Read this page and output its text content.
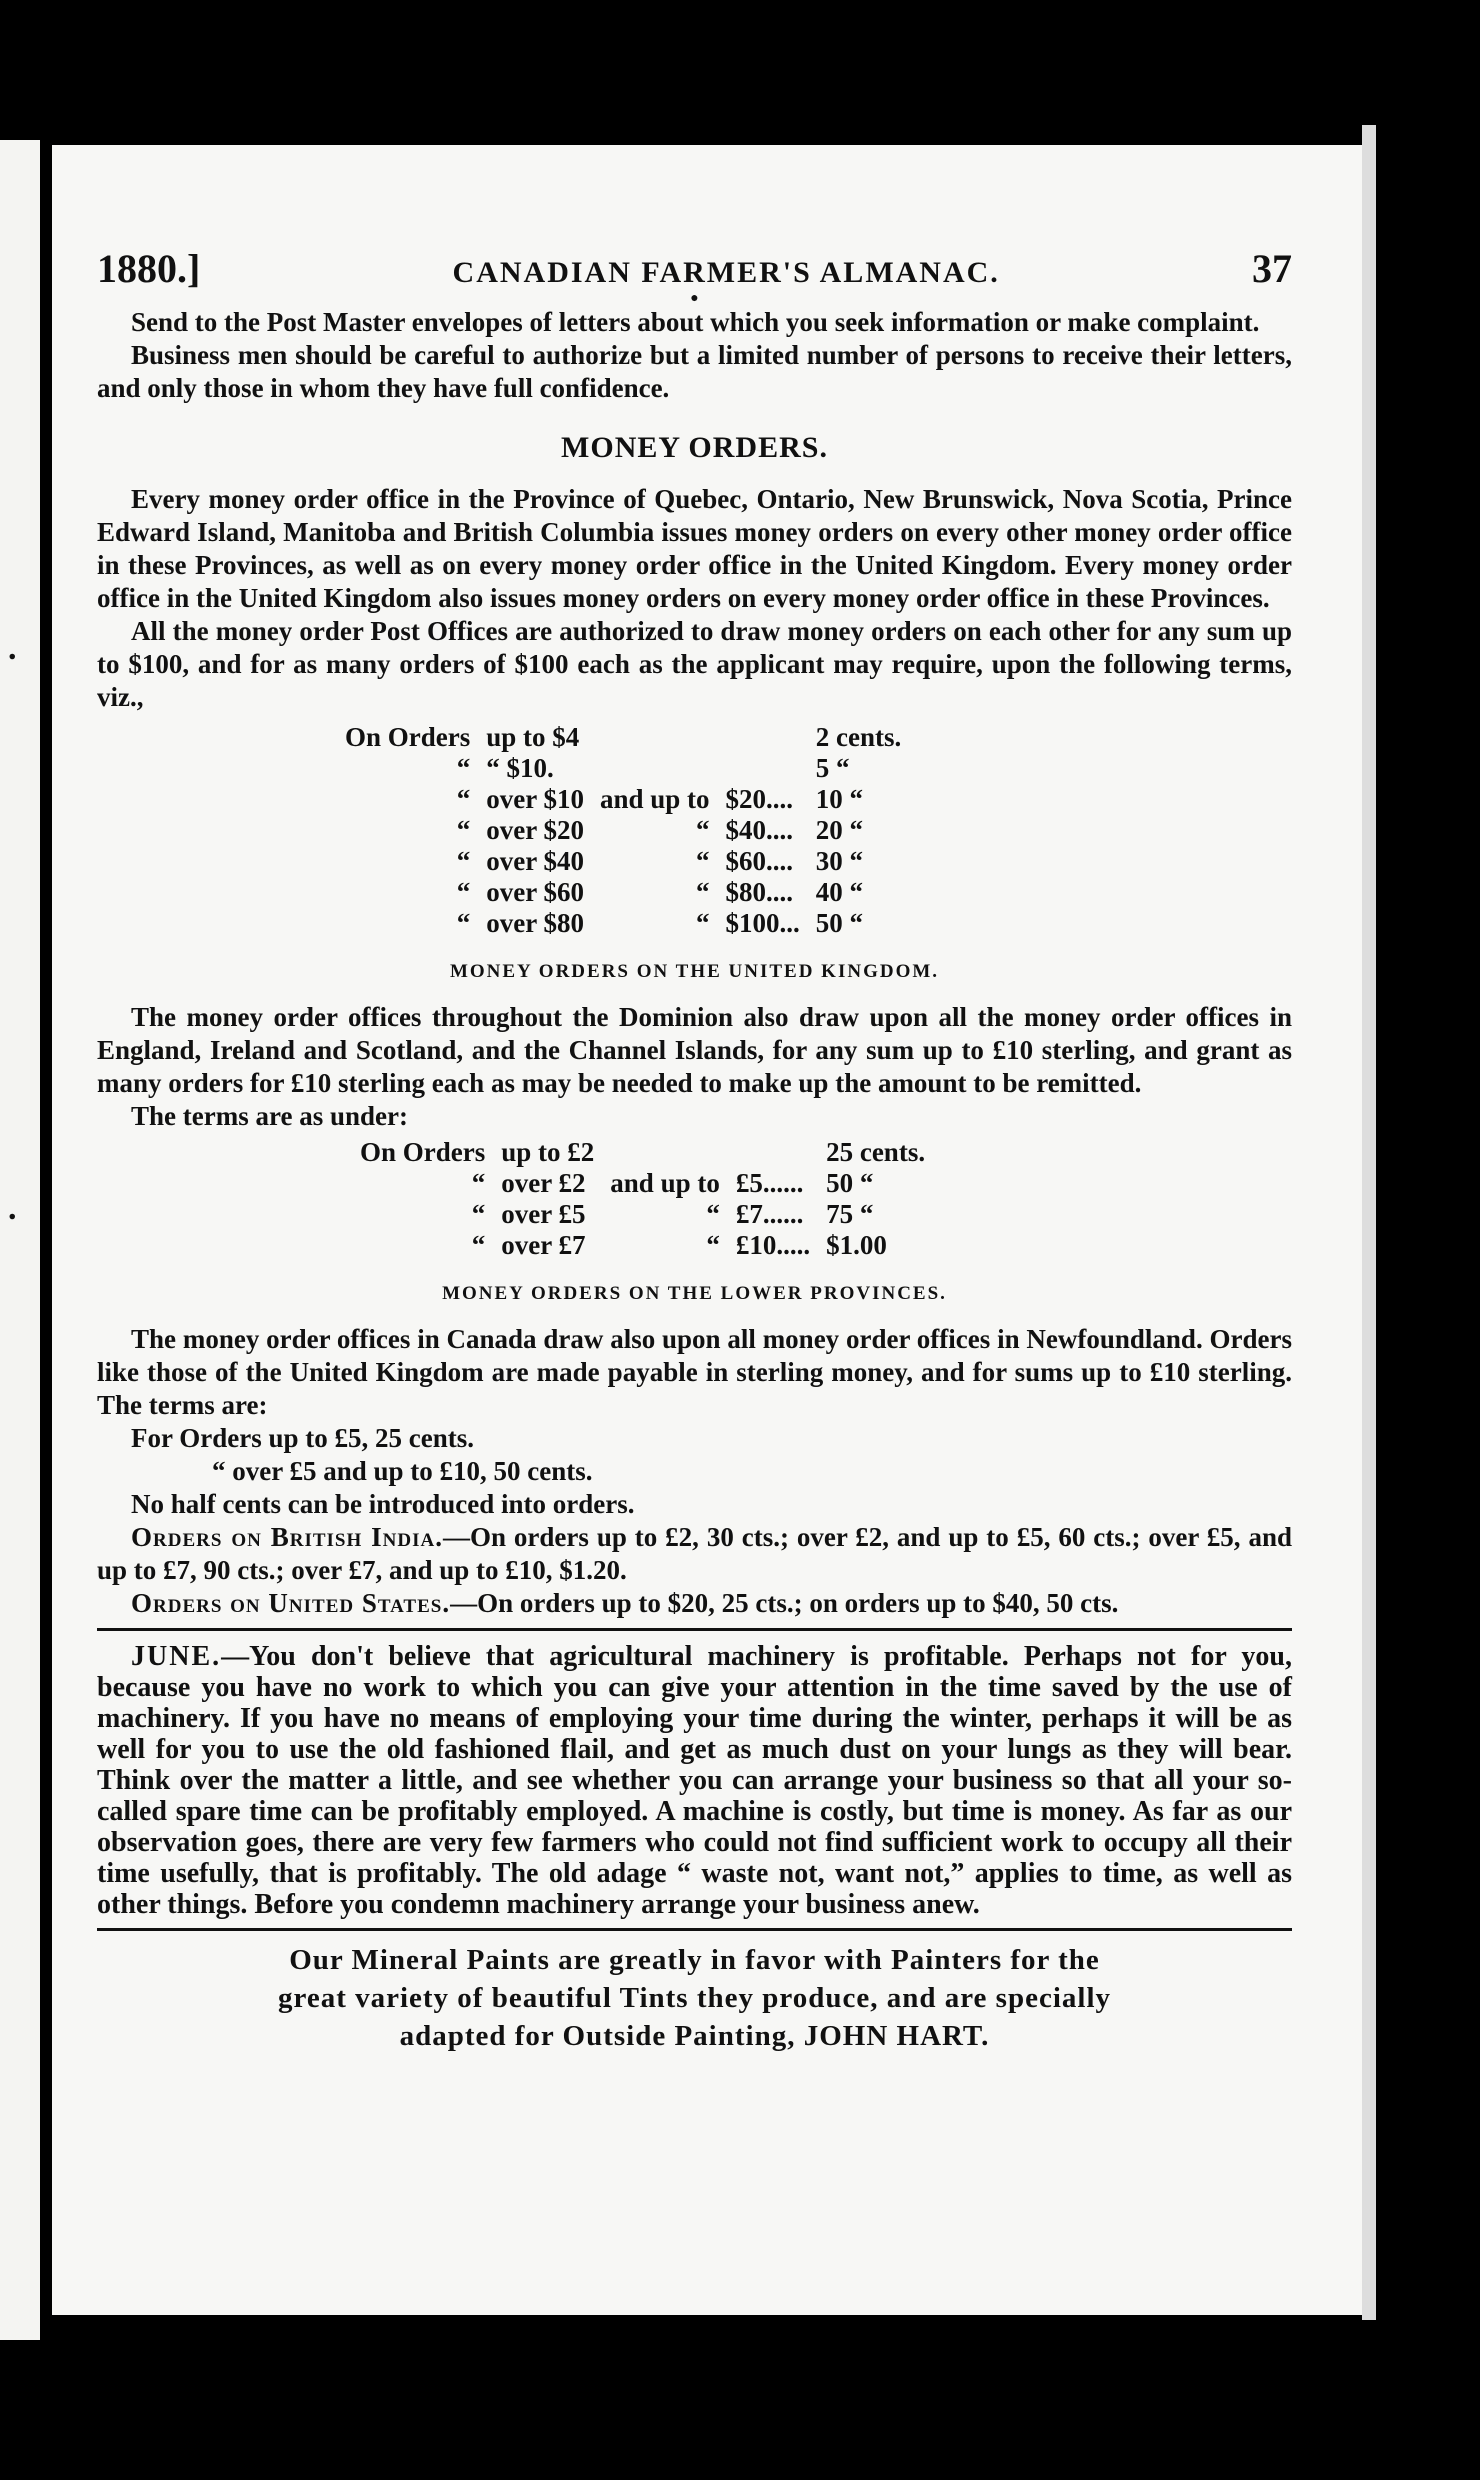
.
.
1880.]	CANADIAN FARMER'S ALMANAC.	37
●

Send to the Post Master envelopes of letters about which you seek information or make complaint.

Business men should be careful to authorize but a limited number of persons to receive their letters, and only those in whom they have full confidence.

MONEY ORDERS.

Every money order office in the Province of Quebec, Ontario, New Brunswick, Nova Scotia, Prince Edward Island, Manitoba and British Columbia issues money orders on every other money order office in these Provinces, as well as on every money order office in the United Kingdom. Every money order office in the United Kingdom also issues money orders on every money order office in these Provinces.

All the money order Post Offices are authorized to draw money orders on each other for any sum up to $100, and for as many orders of $100 each as the applicant may require, upon the following terms, viz.,

On Orders	up to $4			2 cents.
“	“ $10.			5 “
“	over $10	and up to	$20....	10 “
“	over $20	“	$40....	20 “
“	over $40	“	$60....	30 “
“	over $60	“	$80....	40 “
“	over $80	“	$100...	50 “
MONEY ORDERS ON THE UNITED KINGDOM.

The money order offices throughout the Dominion also draw upon all the money order offices in England, Ireland and Scotland, and the Channel Islands, for any sum up to £10 sterling, and grant as many orders for £10 sterling each as may be needed to make up the amount to be remitted.

The terms are as under:

On Orders	up to £2			25 cents.
“	over £2	and up to	£5......	50 “
“	over £5	“	£7......	75 “
“	over £7	“	£10.....	$1.00
MONEY ORDERS ON THE LOWER PROVINCES.

The money order offices in Canada draw also upon all money order offices in Newfoundland. Orders like those of the United Kingdom are made payable in sterling money, and for sums up to £10 sterling. The terms are:

For Orders up to £5, 25 cents.

“ over £5 and up to £10, 50 cents.

No half cents can be introduced into orders.

Orders on British India.—On orders up to £2, 30 cts.; over £2, and up to £5, 60 cts.; over £5, and up to £7, 90 cts.; over £7, and up to £10, $1.20.

Orders on United States.—On orders up to $20, 25 cts.; on orders up to $40, 50 cts.

JUNE.—You don't believe that agricultural machinery is profitable. Perhaps not for you, because you have no work to which you can give your attention in the time saved by the use of machinery. If you have no means of employing your time during the winter, perhaps it will be as well for you to use the old fashioned flail, and get as much dust on your lungs as they will bear. Think over the matter a little, and see whether you can arrange your business so that all your so-called spare time can be profitably employed. A machine is costly, but time is money. As far as our observation goes, there are very few farmers who could not find sufficient work to occupy all their time usefully, that is profitably. The old adage “ waste not, want not,” applies to time, as well as other things. Before you condemn machinery arrange your business anew.

Our Mineral Paints are greatly in favor with Painters for the
great variety of beautiful Tints they produce, and are specially
adapted for Outside Painting, JOHN HART.
